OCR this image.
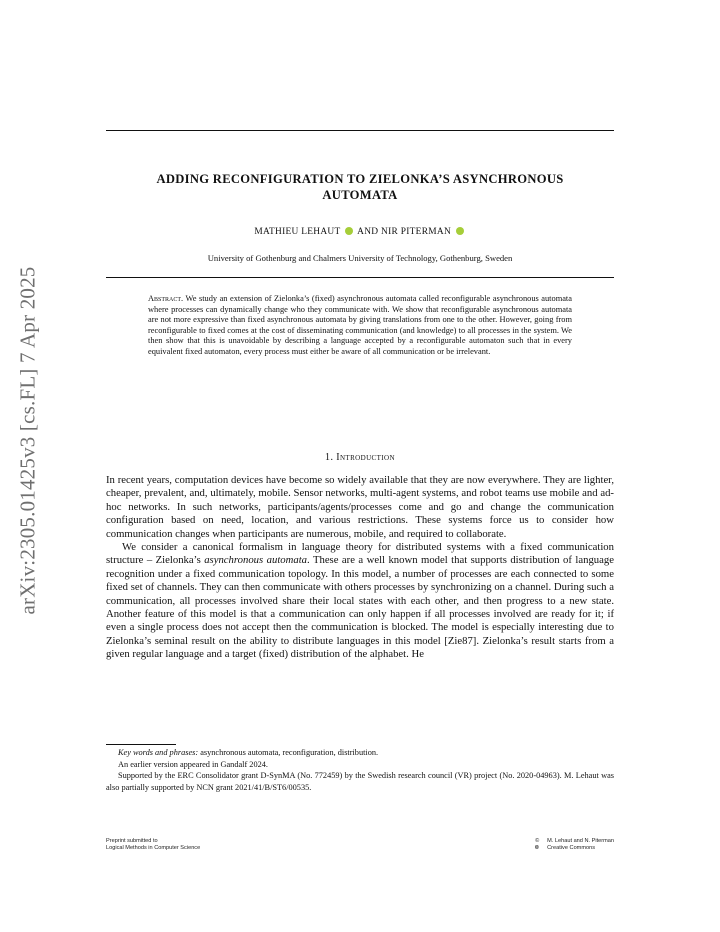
arXiv:2305.01425v3 [cs.FL] 7 Apr 2025
ADDING RECONFIGURATION TO ZIELONKA’S ASYNCHRONOUS
AUTOMATA
MATHIEU LEHAUT AND NIR PITERMAN
University of Gothenburg and Chalmers University of Technology, Gothenburg, Sweden
Abstract. We study an extension of Zielonka’s (fixed) asynchronous automata called reconfigurable asynchronous automata where processes can dynamically change who they communicate with. We show that reconfigurable asynchronous automata are not more expressive than fixed asynchronous automata by giving translations from one to the other. However, going from reconfigurable to fixed comes at the cost of disseminating communication (and knowledge) to all processes in the system. We then show that this is unavoidable by describing a language accepted by a reconfigurable automaton such that in every equivalent fixed automaton, every process must either be aware of all communication or be irrelevant.
1. Introduction

In recent years, computation devices have become so widely available that they are now everywhere. They are lighter, cheaper, prevalent, and, ultimately, mobile. Sensor networks, multi-agent systems, and robot teams use mobile and ad-hoc networks. In such networks, participants/agents/processes come and go and change the communication configuration based on need, location, and various restrictions. These systems force us to consider how communication changes when participants are numerous, mobile, and required to collaborate.

We consider a canonical formalism in language theory for distributed systems with a fixed communication structure – Zielonka’s asynchronous automata. These are a well known model that supports distribution of language recognition under a fixed communication topology. In this model, a number of processes are each connected to some fixed set of channels. They can then communicate with others processes by synchronizing on a channel. During such a communication, all processes involved share their local states with each other, and then progress to a new state. Another feature of this model is that a communication can only happen if all processes involved are ready for it; if even a single process does not accept then the communication is blocked. The model is especially interesting due to Zielonka’s seminal result on the ability to distribute languages in this model [Zie87]. Zielonka’s result starts from a given regular language and a target (fixed) distribution of the alphabet. He

Key words and phrases: asynchronous automata, reconfiguration, distribution.

An earlier version appeared in Gandalf 2024.

Supported by the ERC Consolidator grant D-SynMA (No. 772459) by the Swedish research council (VR) project (No. 2020-04963). M. Lehaut was also partially supported by NCN grant 2021/41/B/ST6/00535.

Preprint submitted to
Logical Methods in Computer Science
© M. Lehaut and N. Piterman
🅭 Creative Commons
